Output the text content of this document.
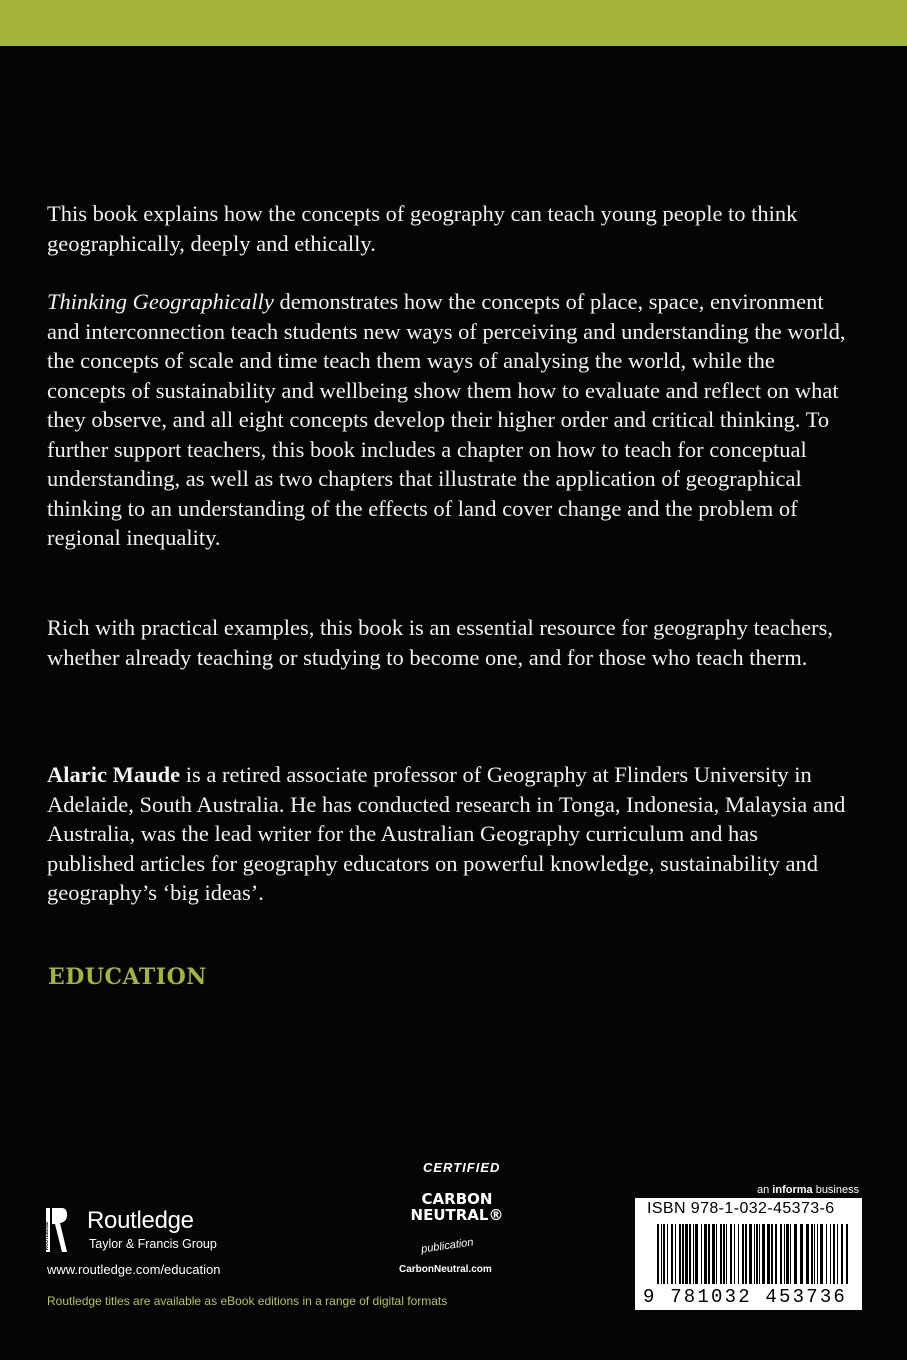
This book explains how the concepts of geography can teach young people to think geographically, deeply and ethically.

Thinking Geographically demonstrates how the concepts of place, space, environment and interconnection teach students new ways of perceiving and understanding the world, the concepts of scale and time teach them ways of analysing the world, while the concepts of sustainability and wellbeing show them how to evaluate and reflect on what they observe, and all eight concepts develop their higher order and critical thinking. To further support teachers, this book includes a chapter on how to teach for conceptual understanding, as well as two chapters that illustrate the application of geographical thinking to an understanding of the effects of land cover change and the problem of regional inequality.

Rich with practical examples, this book is an essential resource for geography teachers, whether already teaching or studying to become one, and for those who teach therm.

Alaric Maude is a retired associate professor of Geography at Flinders University in Adelaide, South Australia. He has conducted research in Tonga, Indonesia, Malaysia and Australia, was the lead writer for the Australian Geography curriculum and has published articles for geography educators on powerful knowledge, sustainability and geography’s ‘big ideas’.

EDUCATION
ROUTLEDGE
Routledge
Taylor & Francis Group
www.routledge.com/education
Routledge titles are available as eBook editions in a range of digital formats
CERTIFIED
CARBON
NEUTRAL®
publication
CarbonNeutral.com
an informa business
ISBN 978-1-032-45373-6
9 781032 453736
